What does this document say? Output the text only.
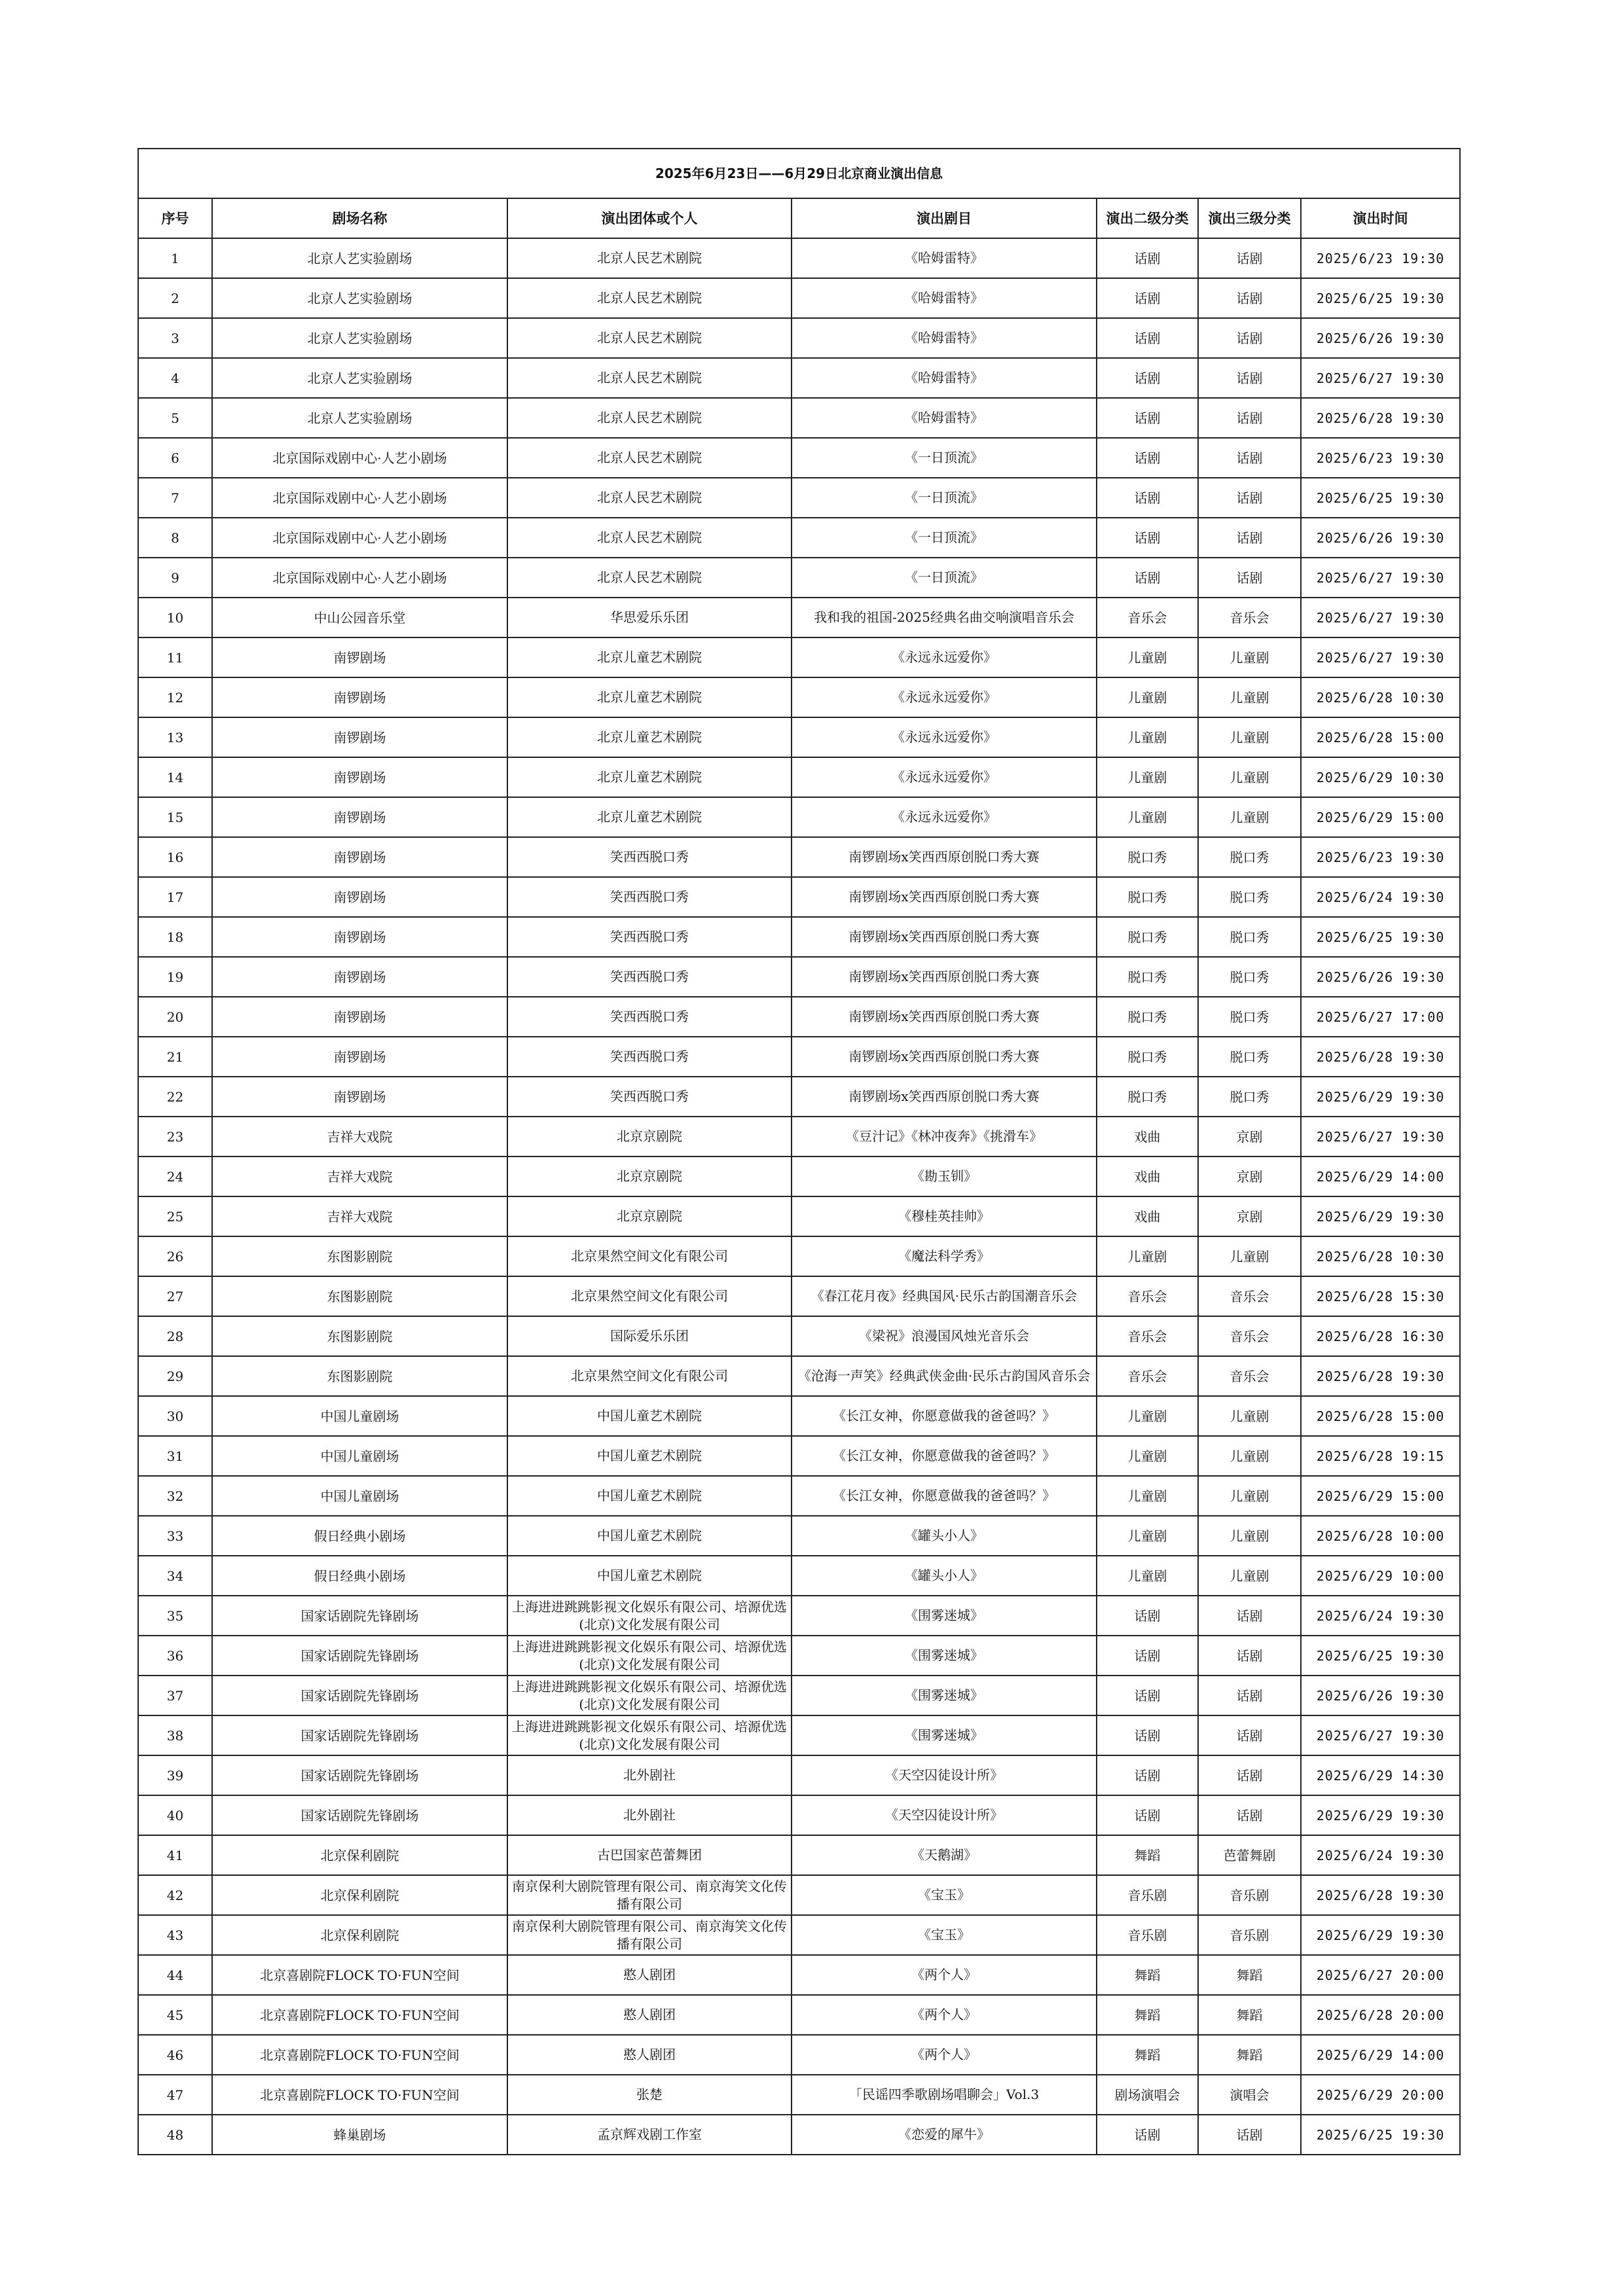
2025年6月23日——6月29日北京商业演出信息						
序号	剧场名称	演出团体或个人	演出剧目	演出二级分类	演出三级分类	演出时间
1	北京人艺实验剧场	北京人民艺术剧院	《哈姆雷特》	话剧	话剧	2025/6/23 19:30
2	北京人艺实验剧场	北京人民艺术剧院	《哈姆雷特》	话剧	话剧	2025/6/25 19:30
3	北京人艺实验剧场	北京人民艺术剧院	《哈姆雷特》	话剧	话剧	2025/6/26 19:30
4	北京人艺实验剧场	北京人民艺术剧院	《哈姆雷特》	话剧	话剧	2025/6/27 19:30
5	北京人艺实验剧场	北京人民艺术剧院	《哈姆雷特》	话剧	话剧	2025/6/28 19:30
6	北京国际戏剧中心·人艺小剧场	北京人民艺术剧院	《一日顶流》	话剧	话剧	2025/6/23 19:30
7	北京国际戏剧中心·人艺小剧场	北京人民艺术剧院	《一日顶流》	话剧	话剧	2025/6/25 19:30
8	北京国际戏剧中心·人艺小剧场	北京人民艺术剧院	《一日顶流》	话剧	话剧	2025/6/26 19:30
9	北京国际戏剧中心·人艺小剧场	北京人民艺术剧院	《一日顶流》	话剧	话剧	2025/6/27 19:30
10	中山公园音乐堂	华思爱乐乐团	我和我的祖国-2025经典名曲交响演唱音乐会	音乐会	音乐会	2025/6/27 19:30
11	南锣剧场	北京儿童艺术剧院	《永远永远爱你》	儿童剧	儿童剧	2025/6/27 19:30
12	南锣剧场	北京儿童艺术剧院	《永远永远爱你》	儿童剧	儿童剧	2025/6/28 10:30
13	南锣剧场	北京儿童艺术剧院	《永远永远爱你》	儿童剧	儿童剧	2025/6/28 15:00
14	南锣剧场	北京儿童艺术剧院	《永远永远爱你》	儿童剧	儿童剧	2025/6/29 10:30
15	南锣剧场	北京儿童艺术剧院	《永远永远爱你》	儿童剧	儿童剧	2025/6/29 15:00
16	南锣剧场	笑西西脱口秀	南锣剧场x笑西西原创脱口秀大赛	脱口秀	脱口秀	2025/6/23 19:30
17	南锣剧场	笑西西脱口秀	南锣剧场x笑西西原创脱口秀大赛	脱口秀	脱口秀	2025/6/24 19:30
18	南锣剧场	笑西西脱口秀	南锣剧场x笑西西原创脱口秀大赛	脱口秀	脱口秀	2025/6/25 19:30
19	南锣剧场	笑西西脱口秀	南锣剧场x笑西西原创脱口秀大赛	脱口秀	脱口秀	2025/6/26 19:30
20	南锣剧场	笑西西脱口秀	南锣剧场x笑西西原创脱口秀大赛	脱口秀	脱口秀	2025/6/27 17:00
21	南锣剧场	笑西西脱口秀	南锣剧场x笑西西原创脱口秀大赛	脱口秀	脱口秀	2025/6/28 19:30
22	南锣剧场	笑西西脱口秀	南锣剧场x笑西西原创脱口秀大赛	脱口秀	脱口秀	2025/6/29 19:30
23	吉祥大戏院	北京京剧院	《豆汁记》《林冲夜奔》《挑滑车》	戏曲	京剧	2025/6/27 19:30
24	吉祥大戏院	北京京剧院	《勘玉钏》	戏曲	京剧	2025/6/29 14:00
25	吉祥大戏院	北京京剧院	《穆桂英挂帅》	戏曲	京剧	2025/6/29 19:30
26	东图影剧院	北京果然空间文化有限公司	《魔法科学秀》	儿童剧	儿童剧	2025/6/28 10:30
27	东图影剧院	北京果然空间文化有限公司	《春江花月夜》经典国风·民乐古韵国潮音乐会	音乐会	音乐会	2025/6/28 15:30
28	东图影剧院	国际爱乐乐团	《梁祝》浪漫国风烛光音乐会	音乐会	音乐会	2025/6/28 16:30
29	东图影剧院	北京果然空间文化有限公司	《沧海一声笑》经典武侠金曲·民乐古韵国风音乐会	音乐会	音乐会	2025/6/28 19:30
30	中国儿童剧场	中国儿童艺术剧院	《长江女神，你愿意做我的爸爸吗？》	儿童剧	儿童剧	2025/6/28 15:00
31	中国儿童剧场	中国儿童艺术剧院	《长江女神，你愿意做我的爸爸吗？》	儿童剧	儿童剧	2025/6/28 19:15
32	中国儿童剧场	中国儿童艺术剧院	《长江女神，你愿意做我的爸爸吗？》	儿童剧	儿童剧	2025/6/29 15:00
33	假日经典小剧场	中国儿童艺术剧院	《罐头小人》	儿童剧	儿童剧	2025/6/28 10:00
34	假日经典小剧场	中国儿童艺术剧院	《罐头小人》	儿童剧	儿童剧	2025/6/29 10:00
35	国家话剧院先锋剧场	上海进进跳跳影视文化娱乐有限公司、培源优选(北京)文化发展有限公司	《围雾迷城》	话剧	话剧	2025/6/24 19:30
36	国家话剧院先锋剧场	上海进进跳跳影视文化娱乐有限公司、培源优选(北京)文化发展有限公司	《围雾迷城》	话剧	话剧	2025/6/25 19:30
37	国家话剧院先锋剧场	上海进进跳跳影视文化娱乐有限公司、培源优选(北京)文化发展有限公司	《围雾迷城》	话剧	话剧	2025/6/26 19:30
38	国家话剧院先锋剧场	上海进进跳跳影视文化娱乐有限公司、培源优选(北京)文化发展有限公司	《围雾迷城》	话剧	话剧	2025/6/27 19:30
39	国家话剧院先锋剧场	北外剧社	《天空囚徒设计所》	话剧	话剧	2025/6/29 14:30
40	国家话剧院先锋剧场	北外剧社	《天空囚徒设计所》	话剧	话剧	2025/6/29 19:30
41	北京保利剧院	古巴国家芭蕾舞团	《天鹅湖》	舞蹈	芭蕾舞剧	2025/6/24 19:30
42	北京保利剧院	南京保利大剧院管理有限公司、南京海笑文化传播有限公司	《宝玉》	音乐剧	音乐剧	2025/6/28 19:30
43	北京保利剧院	南京保利大剧院管理有限公司、南京海笑文化传播有限公司	《宝玉》	音乐剧	音乐剧	2025/6/29 19:30
44	北京喜剧院FLOCK TO·FUN空间	憨人剧团	《两个人》	舞蹈	舞蹈	2025/6/27 20:00
45	北京喜剧院FLOCK TO·FUN空间	憨人剧团	《两个人》	舞蹈	舞蹈	2025/6/28 20:00
46	北京喜剧院FLOCK TO·FUN空间	憨人剧团	《两个人》	舞蹈	舞蹈	2025/6/29 14:00
47	北京喜剧院FLOCK TO·FUN空间	张楚	「民谣四季歌剧场唱聊会」Vol.3	剧场演唱会	演唱会	2025/6/29 20:00
48	蜂巢剧场	孟京辉戏剧工作室	《恋爱的犀牛》	话剧	话剧	2025/6/25 19:30
